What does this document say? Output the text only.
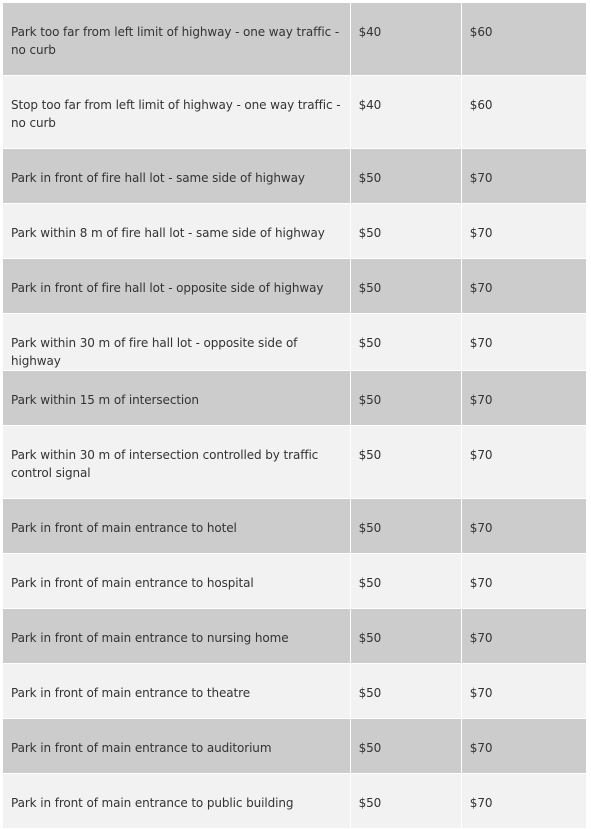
Park too far from left limit of highway - one way traffic - no curb	$40	$60

Stop too far from left limit of highway - one way traffic - no curb	$40	$60

Park in front of fire hall lot - same side of highway	$50	$70

Park within 8 m of fire hall lot - same side of highway	$50	$70

Park in front of fire hall lot - opposite side of highway	$50	$70

Park within 30 m of fire hall lot - opposite side of highway	$50	$70

Park within 15 m of intersection	$50	$70

Park within 30 m of intersection controlled by traffic control signal	$50	$70

Park in front of main entrance to hotel	$50	$70

Park in front of main entrance to hospital	$50	$70

Park in front of main entrance to nursing home	$50	$70

Park in front of main entrance to theatre	$50	$70

Park in front of main entrance to auditorium	$50	$70

Park in front of main entrance to public building	$50	$70
